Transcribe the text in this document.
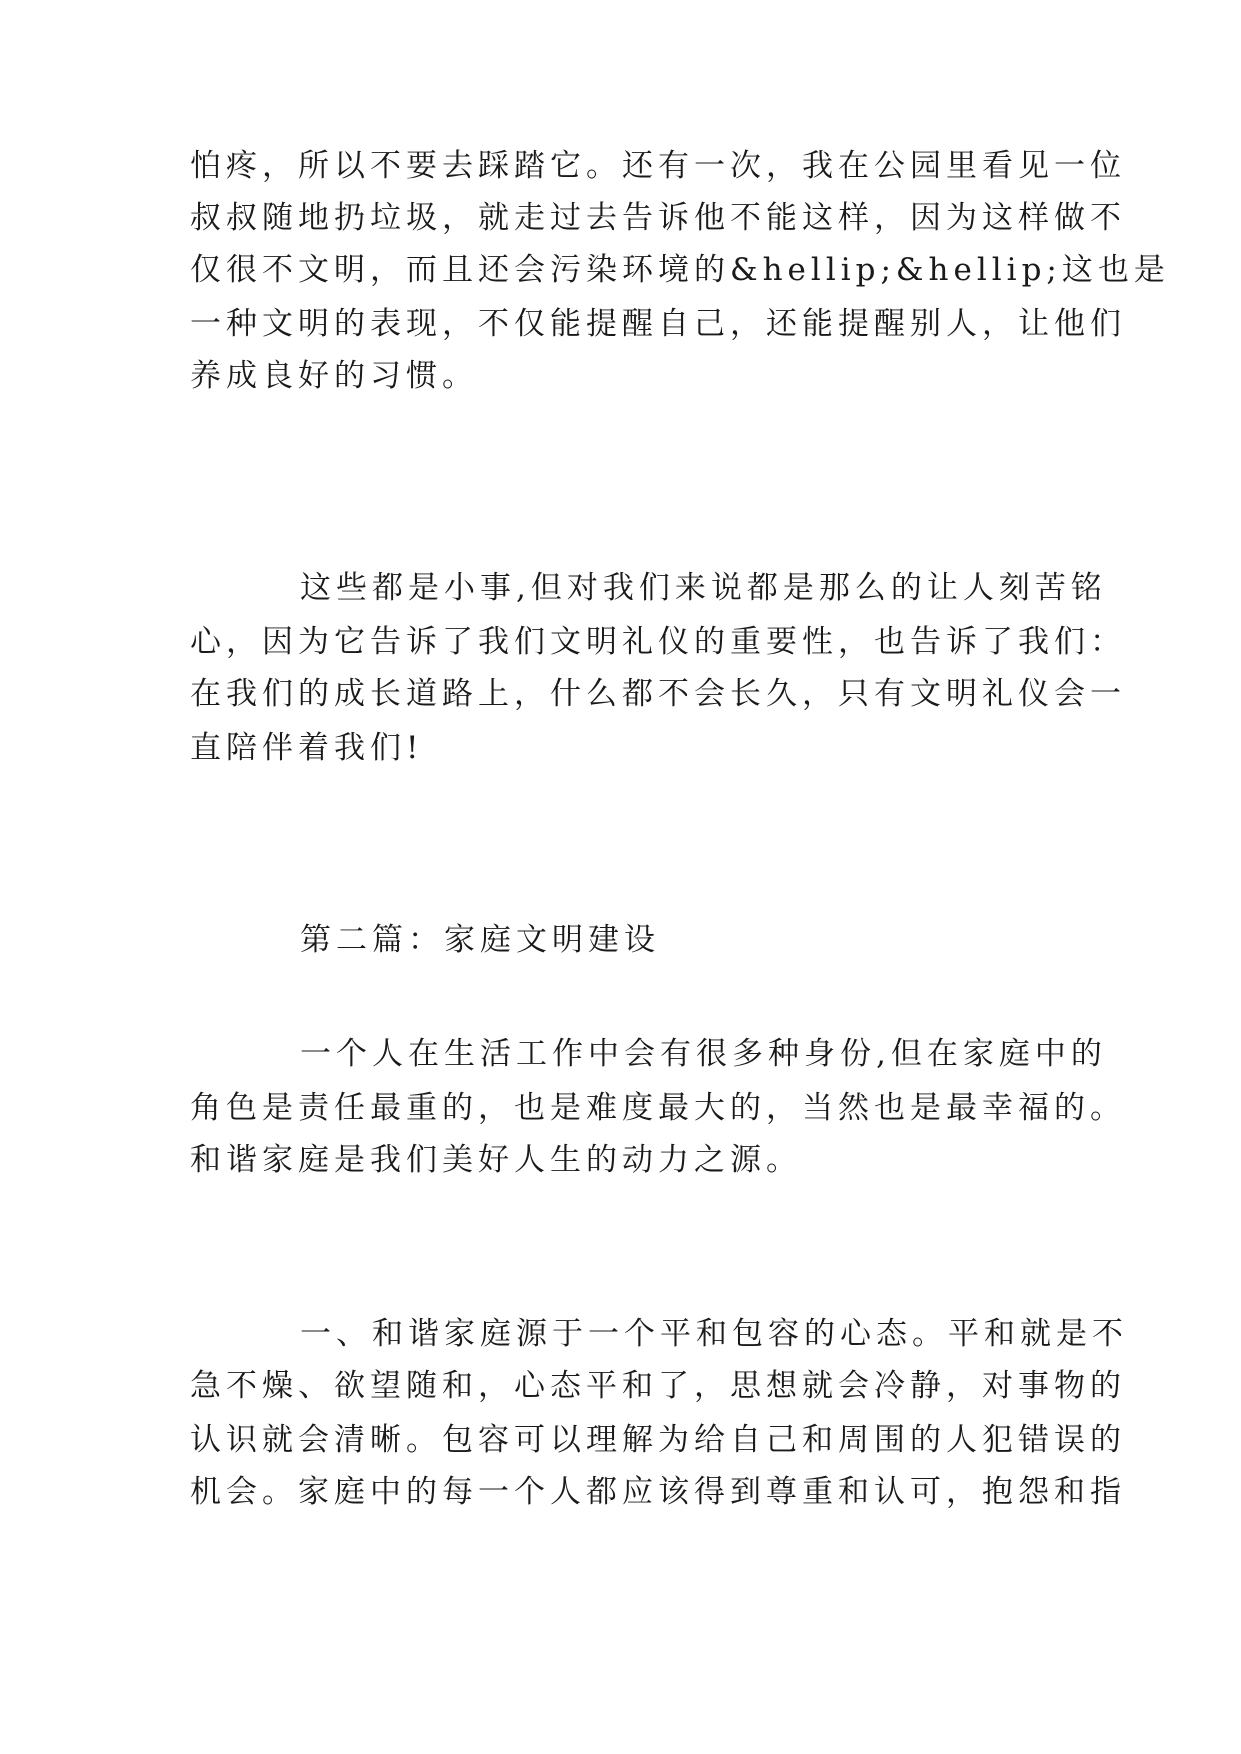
怕疼，所以不要去踩踏它。还有一次，我在公园里看见一位
叔叔随地扔垃圾，就走过去告诉他不能这样，因为这样做不
仅很不文明，而且还会污染环境的&hellip;&hellip;这也是
一种文明的表现，不仅能提醒自己，还能提醒别人，让他们
养成良好的习惯。
这些都是小事,但对我们来说都是那么的让人刻苦铭
心，因为它告诉了我们文明礼仪的重要性，也告诉了我们：
在我们的成长道路上，什么都不会长久，只有文明礼仪会一
直陪伴着我们!
第二篇：家庭文明建设
一个人在生活工作中会有很多种身份,但在家庭中的
角色是责任最重的，也是难度最大的，当然也是最幸福的。
和谐家庭是我们美好人生的动力之源。
一、和谐家庭源于一个平和包容的心态。平和就是不
急不燥、欲望随和，心态平和了，思想就会冷静，对事物的
认识就会清晰。包容可以理解为给自己和周围的人犯错误的
机会。家庭中的每一个人都应该得到尊重和认可，抱怨和指
